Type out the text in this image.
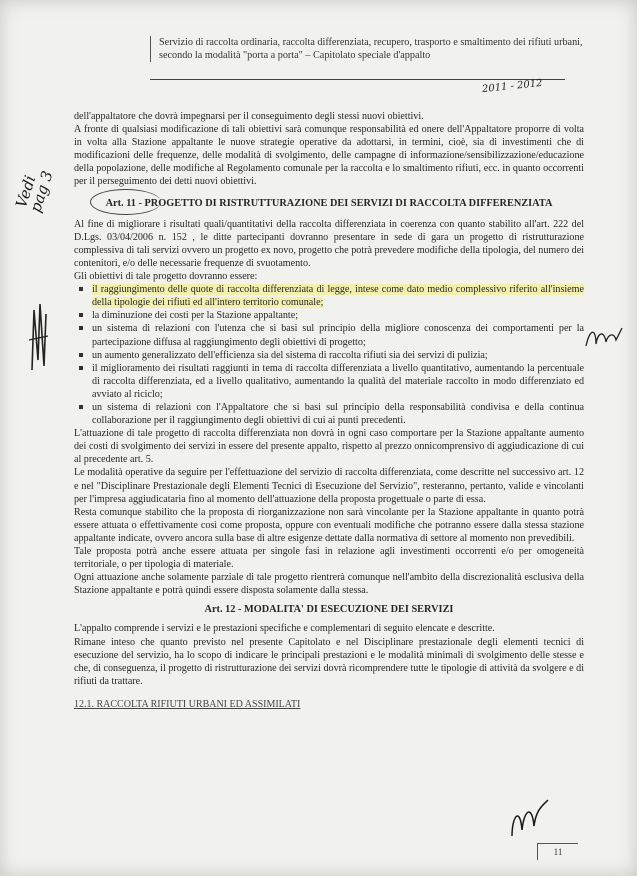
Servizio di raccolta ordinaria, raccolta differenziata, recupero, trasporto e smaltimento dei rifiuti urbani, secondo la modalità "porta a porta" – Capitolato speciale d'appalto
2011 - 2012
Vedi
pag 3

dell'appaltatore che dovrà impegnarsi per il conseguimento degli stessi nuovi obiettivi.

A fronte di qualsiasi modificazione di tali obiettivi sarà comunque responsabilità ed onere dell'Appaltatore proporre di volta in volta alla Stazione appaltante le nuove strategie operative da adottarsi, in termini, cioè, sia di investimenti che di modificazioni delle frequenze, delle modalità di svolgimento, delle campagne di informazione/sensibilizzazione/educazione della popolazione, delle modifiche al Regolamento comunale per la raccolta e lo smaltimento rifiuti, ecc. in quanto occorrenti per il perseguimento dei detti nuovi obiettivi.

Art. 11 - PROGETTO DI RISTRUTTURAZIONE DEI SERVIZI DI RACCOLTA DIFFERENZIATA

Al fine di migliorare i risultati quali/quantitativi della raccolta differenziata in coerenza con quanto stabilito all'art. 222 del D.Lgs. 03/04/2006 n. 152 , le ditte partecipanti dovranno presentare in sede di gara un progetto di ristrutturazione complessiva di tali servizi ovvero un progetto ex novo, progetto che potrà prevedere modifiche della tipologia, del numero dei contenitori, e/o delle necessarie frequenze di svuotamento.

Gli obiettivi di tale progetto dovranno essere:

il raggiungimento delle quote di raccolta differenziata di legge, intese come dato medio complessivo riferito all'insieme della tipologie dei rifiuti ed all'intero territorio comunale;
la diminuzione dei costi per la Stazione appaltante;
un sistema di relazioni con l'utenza che si basi sul principio della migliore conoscenza dei comportamenti per la partecipazione diffusa al raggiungimento degli obiettivi di progetto;
un aumento generalizzato dell'efficienza sia del sistema di raccolta rifiuti sia dei servizi di pulizia;
il miglioramento dei risultati raggiunti in tema di raccolta differenziata a livello quantitativo, aumentando la percentuale di raccolta differenziata, ed a livello qualitativo, aumentando la qualità del materiale raccolto in modo differenziato ed avviato al riciclo;
un sistema di relazioni con l'Appaltatore che si basi sul principio della responsabilità condivisa e della continua collaborazione per il raggiungimento degli obiettivi di cui ai punti precedenti.

L'attuazione di tale progetto di raccolta differenziata non dovrà in ogni caso comportare per la Stazione appaltante aumento dei costi di svolgimento dei servizi in essere del presente appalto, rispetto al prezzo onnicomprensivo di aggiudicazione di cui al precedente art. 5.

Le modalità operative da seguire per l'effettuazione del servizio di raccolta differenziata, come descritte nel successivo art. 12 e nel "Disciplinare Prestazionale degli Elementi Tecnici di Esecuzione del Servizio", resteranno, pertanto, valide e vincolanti per l'impresa aggiudicataria fino al momento dell'attuazione della proposta progettuale o parte di essa.

Resta comunque stabilito che la proposta di riorganizzazione non sarà vincolante per la Stazione appaltante in quanto potrà essere attuata o effettivamente così come proposta, oppure con eventuali modifiche che potranno essere dalla stessa stazione appaltante indicate, ovvero ancora sulla base di altre esigenze dettate dalla normativa di settore al momento non prevedibili.

Tale proposta potrà anche essere attuata per singole fasi in relazione agli investimenti occorrenti e/o per omogeneità territoriale, o per tipologia di materiale.

Ogni attuazione anche solamente parziale di tale progetto rientrerà comunque nell'ambito della discrezionalità esclusiva della Stazione appaltante e potrà quindi essere disposta solamente dalla stessa.

Art. 12 - MODALITA' DI ESECUZIONE DEI SERVIZI

L'appalto comprende i servizi e le prestazioni specifiche e complementari di seguito elencate e descritte.

Rimane inteso che quanto previsto nel presente Capitolato e nel Disciplinare prestazionale degli elementi tecnici di esecuzione del servizio, ha lo scopo di indicare le principali prestazioni e le modalità minimali di svolgimento delle stesse e che, di conseguenza, il progetto di ristrutturazione dei servizi dovrà ricomprendere tutte le tipologie di attività da svolgere e di rifiuti da trattare.

12.1. RACCOLTA RIFIUTI URBANI ED ASSIMILATI
11
